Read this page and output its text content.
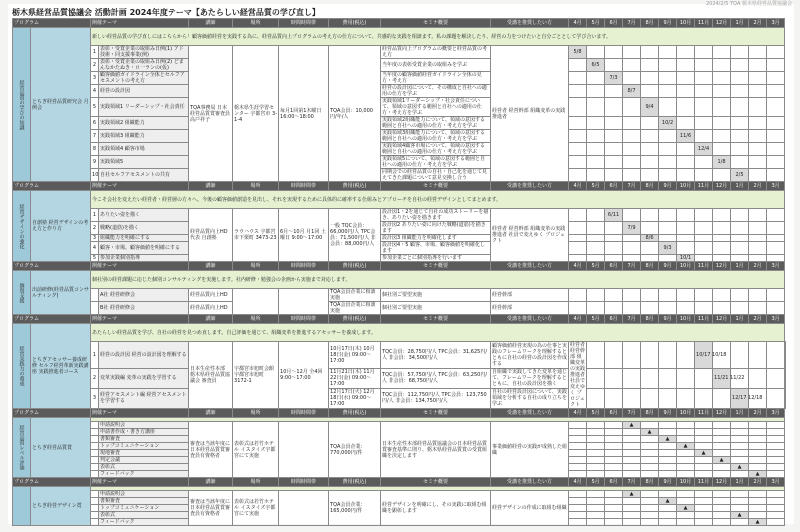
2024/2/5 TQA 栃木県経営品質協議会
栃木県経営品質協議会 活動計画 2024年度テーマ【あたらしい経営品質の学び直し】
プログラム		開催テーマ		講師	場所	時間時間帯	費用(税込)	セミナ概要	受講を推奨したい方	4月	5月	6月	7月	8月	9月	10月	11月	12月	1月	2月	3月	
経営品質の学びの知識	とちぎ経営品質研究会 月例会	新しい経営品質の学び直しにはこちらから！顧客価値経営を実践する為に、経営品質向上プログラムの考え方の仕方について、共感的な実践を相談ます。私の課題を解決したり、経営の力をつけたいと自分ごととして学び合います。																				
		1	表彰・受賞企業の取組み日例(1) アド技術・同支援事業(例)	TQA事務局 日本経営品質賞審査員 高戸祥子	栃木県生涯学習センター 宇都宮市 3-1-4	毎月1回第1木曜日 16:00～18:00	TQA会員：10,000円/年/人	経営品質向上プログラムの概要と経営品質の考え方	経営者 経営幹部 組織変革の実践推進者	5/8												
		2	表彰・受賞企業の取組み日例(2) どまんなかたぬき・ロ一ランの(仮)					当年度の表彰受賞企業の取組みを学ぶ			6/5											
		3	顧客価値ガイドライン全体とセルフアセスメントの考え方					当年度の顧客価値経営ガイドライン全体の見方・考え方				7/3										
		4	経営の設計図					経営の設計図について、その構成と自社への適用の仕方を学ぶ					8/7									
		5	実践領域1 リーダーシップ・社会責任					実践領域1リーダーシップ・社会責任について、領域の意図する範囲と自社への適用の仕方・考え方を学ぶ						9/4								
		6	実践領域2 組織能力					実践領域2組織能力について、領域の意図する範囲と自社への適用の仕方・考え方を学ぶ							10/2							
		7	実践領域3 組織能力					実践領域3組織能力について、領域の意図する範囲と自社への適用の仕方・考え方を学ぶ								11/6						
		8	実践領域4 顧客市場					実践領域4顧客市場について、領域の意図する範囲と自社への適用の仕方・考え方を学ぶ									12/4					
		9	実践領域5					実践領域5について、領域の意図する範囲と自社への適用の仕方・考え方を学ぶ										1/8				
		10	自社セルフアセスメントの共有					同期会での経営品質の自社・自己化を通じて見えてきた課題について意見交換し合う											2/5			
プログラム		開催テーマ		講師	場所	時間時間帯	費用(税込)	セミナ概要	受講を推奨したい方	4月	5月	6月	7月	8月	9月	10月	11月	12月	1月	2月	3月	
経営デザインの強化	自創塾 経営デザインの考え方と作り方	今こそ会社を変えたい経営者・経営層の方々へ。今後の顧客価値創造を見出し、それを実現するために具体的に確率する仕組みとアプローチを自社の経営デザインとしてまとめます。																				
		1	ありたい姿を描く	経営品質向上HD 代表 自創塾	ラウハウス 宇都宮市下栗町 3473-23	6月～10月 月1回 土曜日 9:00～17:00	一般 TQC会員：66,000円/人 TPC会員：71,500円/人 非会員：88,000円/人	設計図1・2を通じて自社の成功ストーリーを描き、ありたい姿を描きます	経営者 経営幹部 組織変革の実践推進者 社員で変えゆく プロジェクト			6/11										
		2	戦略(道筋)を描く					設計図2 ありたい姿に向けた戦略(道筋)を描きます					7/9									
		3	組織能力を明確にする					設計図3 組織能力を明確化します						8/6								
		4	顧客・市場、顧客価値を明確にする					設計図4・5 顧客、市場、顧客価値を明確化します							9/3							
		5	参加企業個別指導					参加企業ごとに個別指導を行います								10/1						
プログラム		開催テーマ		講師	場所	時間時間帯	費用(税込)	セミナ概要	受講を推奨したい方	4月	5月	6月	7月	8月	9月	10月	11月	12月	1月	2月	3月	
個別支援	出前研修(経営品質コンサルティング)	個社別の経営課題に応じた個別コンサルティングを実施します。社内研修・勉強会の企画から実施まで対応します。																				
			A社 経営研修会	経営品質向上HD			TQA会員企業に相談実施	個社別ご要望実施	経営幹部													
			B社 経営研修会	経営品質向上HD			TQA会員企業に相談実施	個社別ご要望実施	経営幹部													
プログラム		開催テーマ		講師	場所	時間時間帯	費用(税込)	セミナ概要	受講を推奨したい方	4月	5月	6月	7月	8月	9月	10月	11月	12月	1月	2月	3月	
経営実践力の養成	とちぎアセッサー養成研修 セルフ経営革新実践講座 実践推進者コース	あたらしい経営品質を学び、自社の経営を見つめ直します。自己評価を通じて、組織変革を推進するアセッサーを養成します。																				
		1	経営の設計図 経営の設計図を理解する	日本生産性本部 栃木県経営品質協議会 審査員	宇都宮市旭町会館 宇都宮市旭町 3172-1	10月～12月 全4回 9:00～17:00	10月17日(木) 10月18日(金) 09:00～17:00	TQC会員：28,750円/人 TPC会員：31,625円/人 非会員：34,500円/人	顧客価値経営実現の為の仕事と実践のフレームワークを理解するとともに自社の経営の設計図を作成する	経営者 経営幹部 組織変革の実践推進者 社員で変えゆく プロジェクト							10/17 10/18					
		2	変革実践編 変革の実践を学習する				11月21日(木) 11月22日(金) 09:00～17:00	TQC会員：57,750円/人 TPC会員：63,250円/人 非会員：68,750円/人	自組織で実践してきた変革を通じて、フレームワークを理解するとともに、自社の設計図を描く									11/21 11/22				
		3	経営アセスメント編 経営アセスメントを学習する				12月17日(火) 12月18日(水) 09:00～17:00	TQC会員：112,750円/人 TPC会員：123,750円/人 非会員：134,750円/人	自社の経営設計図について、実践領域を分析する自社の成り立ちを学ぶ										12/17 12/18			
プログラム		開催テーマ		講師	場所	時間時間帯	費用(税込)	セミナ概要	受講を推奨したい方	4月	5月	6月	7月	8月	9月	10月	11月	12月	1月	2月	3月	
経営品質レベル評価	とちぎ経営品質賞																					
			申請説明会	審査は当該年度に日本経営品質賞審査員有資格者	表彰式は若竹ホテル イスタイズ宇都宮にて実施		TQA会員企業：770,000円/件	日本生産性本部経営品質協議会の日本経営品質賞審査基準に則り、栃木県経営品質賞の受賞組織を決定します	事業価値経営の実践が成熟した組織				▲									
			申請書作成・書き方講座											▲								
			書類審査												▲							
			トップコミュニケーション													▲						
			現地審査														▲					
			判定会議															▲				
			表彰式																▲			
			フィードバック																	▲		
プログラム		開催テーマ		講師	場所	時間時間帯	費用(税込)	セミナ概要	受講を推奨したい方	4月	5月	6月	7月	8月	9月	10月	11月	12月	1月	2月	3月	
	とちぎ経営デザイン賞																					
			申請説明会	審査は当該年度に日本経営品質賞審査員有資格者	表彰式は若竹ホテル イスタイズ宇都宮にて実施		TQA会員企業：165,000円/件	経営デザインを明確にし、その実践に取組む組織を顕彰します	経営デザインの作成に取組む組織				▲									
			書類審査												▲							
			トップコミュニケーション													▲						
			表彰式																▲			
			フィードバック																	▲		
